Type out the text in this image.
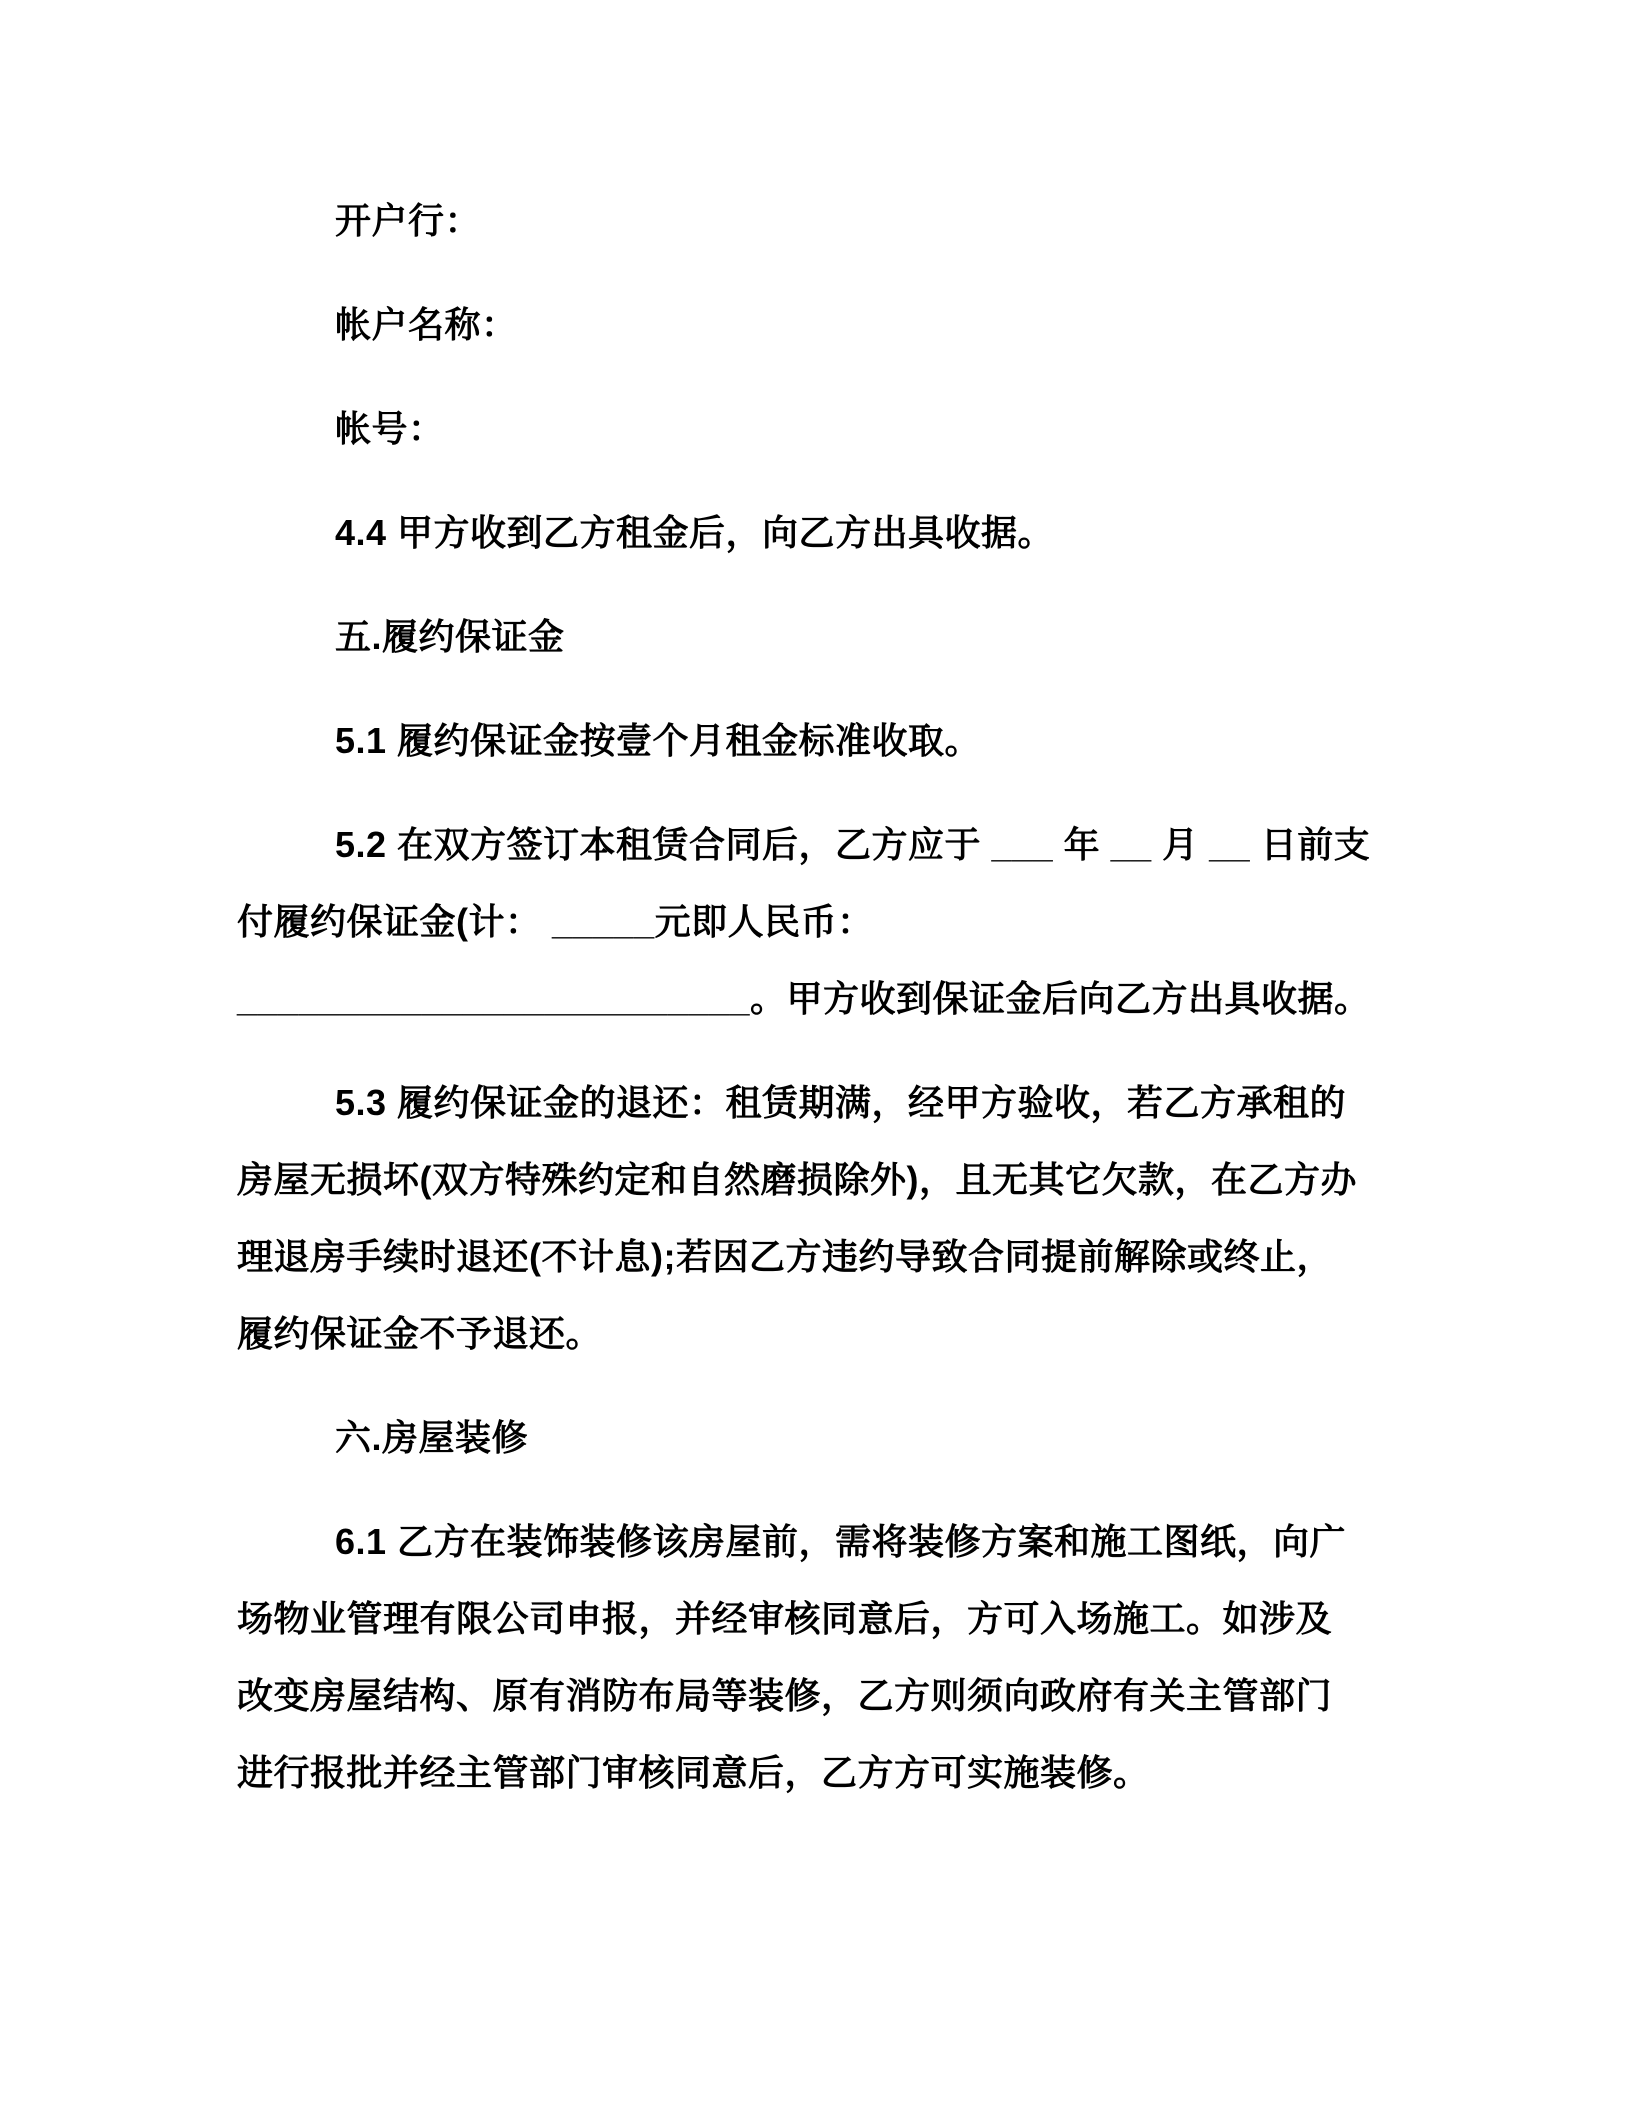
开户行：
帐户名称：
帐号：
4.4 甲方收到乙方租金后，向乙方出具收据。
五.履约保证金
5.1 履约保证金按壹个月租金标准收取。
5.2 在双方签订本租赁合同后，乙方应于 ___ 年 __ 月 __ 日前支
付履约保证金(计： _____元即人民币：
_________________________。甲方收到保证金后向乙方出具收据。
5.3 履约保证金的退还：租赁期满，经甲方验收，若乙方承租的
房屋无损坏(双方特殊约定和自然磨损除外)，且无其它欠款，在乙方办
理退房手续时退还(不计息);若因乙方违约导致合同提前解除或终止，
履约保证金不予退还。
六.房屋装修
6.1 乙方在装饰装修该房屋前，需将装修方案和施工图纸，向广
场物业管理有限公司申报，并经审核同意后，方可入场施工。如涉及
改变房屋结构、原有消防布局等装修，乙方则须向政府有关主管部门
进行报批并经主管部门审核同意后，乙方方可实施装修。
